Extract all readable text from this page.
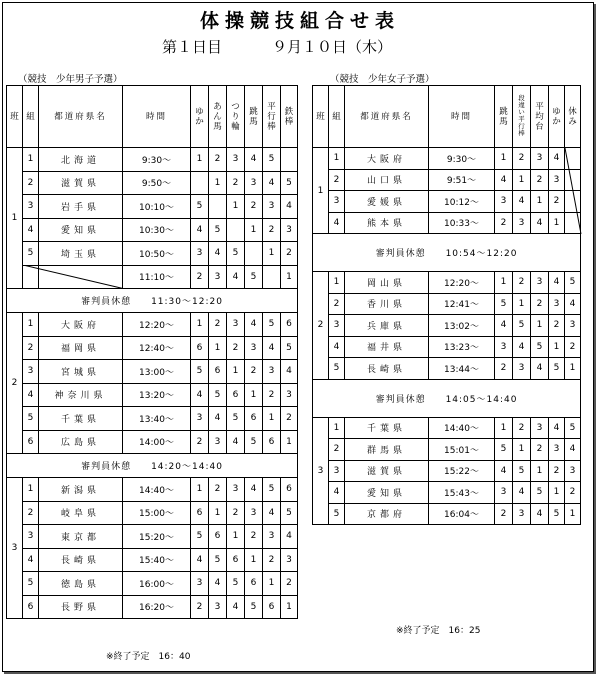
体操競技組合せ表
第１日目	９月１０日（木）
（競技　少年男子予選）	（競技　少年女子予選）
班	組	都道府県名	時間	ゆか	あん馬	つり輪	跳馬	平行棒	鉄棒
1	1	北海道	9:30～	1	2	3	4	5	
	2	滋賀県	9:50～		1	2	3	4	5
	3	岩手県	10:10～	5		1	2	3	4
	4	愛知県	10:30～	4	5		1	2	3
	5	埼玉県	10:50～	3	4	5		1	2
			11:10～	2	3	4	5		1
審判員休憩　　11:30～12:20									
2	1	大阪府	12:20～	1	2	3	4	5	6
	2	福岡県	12:40～	6	1	2	3	4	5
	3	宮城県	13:00～	5	6	1	2	3	4
	4	神奈川県	13:20～	4	5	6	1	2	3
	5	千葉県	13:40～	3	4	5	6	1	2
	6	広島県	14:00～	2	3	4	5	6	1
審判員休憩　　14:20～14:40									
3	1	新潟県	14:40～	1	2	3	4	5	6
	2	岐阜県	15:00～	6	1	2	3	4	5
	3	東京都	15:20～	5	6	1	2	3	4
	4	長崎県	15:40～	4	5	6	1	2	3
	5	徳島県	16:00～	3	4	5	6	1	2
	6	長野県	16:20～	2	3	4	5	6	1
班	組	都道府県名	時間	跳馬	段違い平行棒	平均台	ゆか	休み
1	1	大阪府	9:30～	1	2	3	4	
	2	山口県	9:51～	4	1	2	3	
	3	愛媛県	10:12～	3	4	1	2	
	4	熊本県	10:33～	2	3	4	1	
審判員休憩　　10:54～12:20								
2	1	岡山県	12:20～	1	2	3	4	5
	2	香川県	12:41～	5	1	2	3	4
	3	兵庫県	13:02～	4	5	1	2	3
	4	福井県	13:23～	3	4	5	1	2
	5	長崎県	13:44～	2	3	4	5	1
審判員休憩　　14:05～14:40								
3	1	千葉県	14:40～	1	2	3	4	5
	2	群馬県	15:01～	5	1	2	3	4
	3	滋賀県	15:22～	4	5	1	2	3
	4	愛知県	15:43～	3	4	5	1	2
	5	京都府	16:04～	2	3	4	5	1
※終了予定　16：40
※終了予定　16：25
